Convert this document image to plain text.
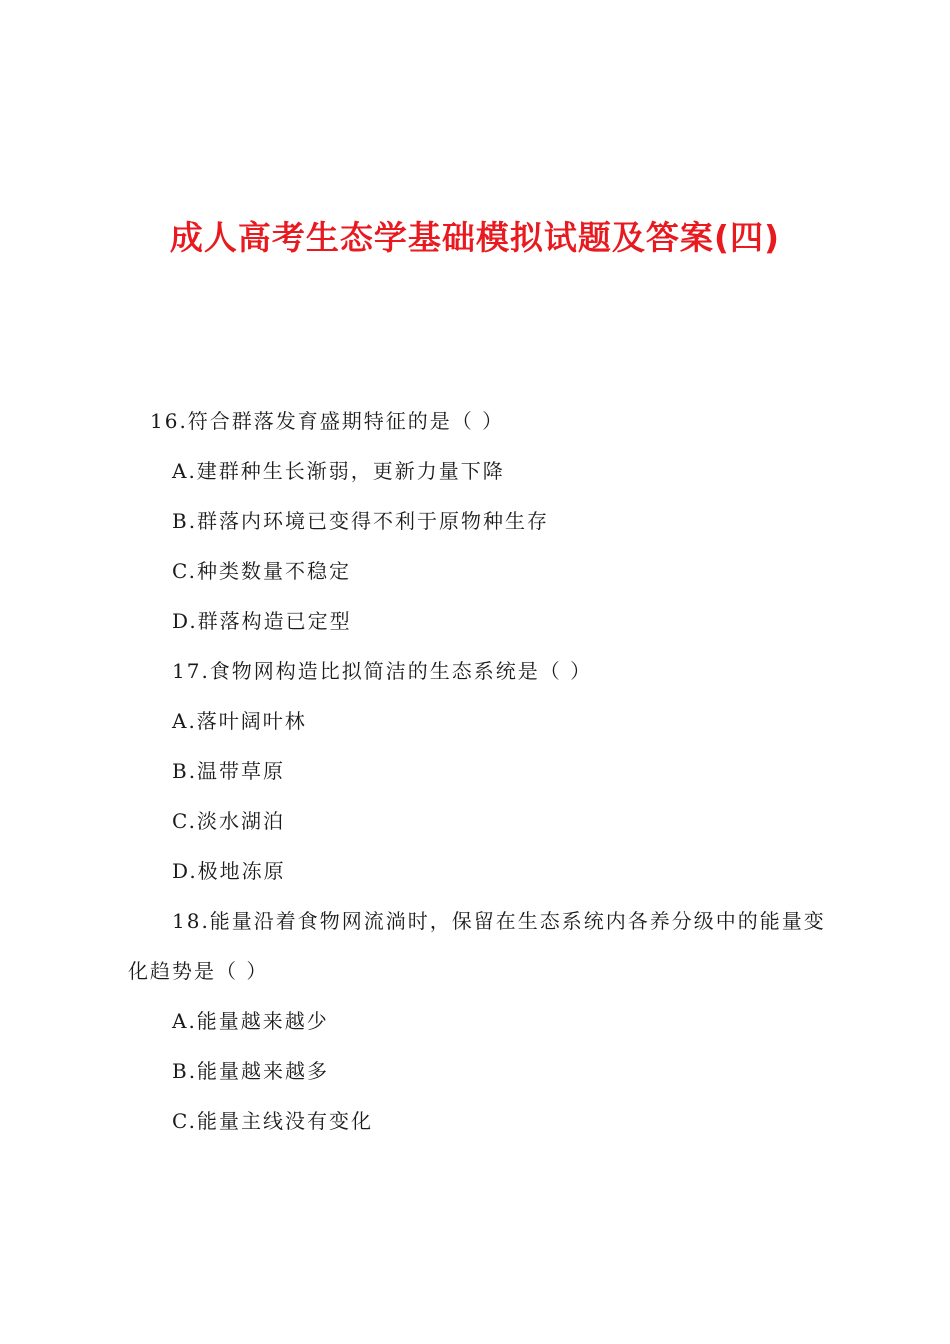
成人高考生态学基础模拟试题及答案(四)

16.符合群落发育盛期特征的是（ ）

A.建群种生长渐弱，更新力量下降

B.群落内环境已变得不利于原物种生存

C.种类数量不稳定

D.群落构造已定型

17.食物网构造比拟简洁的生态系统是（ ）

A.落叶阔叶林

B.温带草原

C.淡水湖泊

D.极地冻原

18.能量沿着食物网流淌时，保留在生态系统内各养分级中的能量变化趋势是（ ）

A.能量越来越少

B.能量越来越多

C.能量主线没有变化
